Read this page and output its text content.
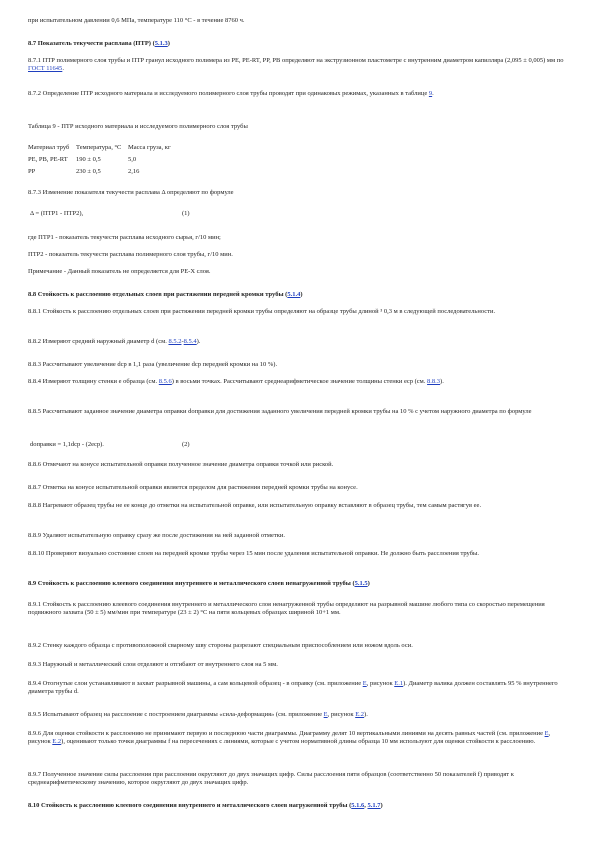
при испытательном давлении 0,6 МПа, температуре 110 °С - в течение 8760 ч.

8.7 Показатель текучести расплава (ПТР) (5.1.3)

8.7.1 ПТР полимерного слоя трубы и ПТР гранул исходного полимера из PE, PE-RT, PP, PB определяют на экструзионном пластометре с внутренним диаметром капилляра (2,095 ± 0,005) мм по ГОСТ 11645.

8.7.2 Определение ПТР исходного материала и исследуемого полимерного слоя трубы проводят при одинаковых режимах, указанных в таблице 9.

Таблица 9 - ПТР исходного материала и исследуемого полимерного слоя трубы

Материал труб	Температура, °С	Масса груза, кг
PE, PB, PE-RT	190 ± 0,5	5,0
PP	230 ± 0,5	2,16

8.7.3 Изменение показателя текучести расплава Δ определяют по формуле

Δ = (ПТР1 - ПТР2),	(1)

где ПТР1 - показатель текучести расплава исходного сырья, г/10 мин;

ПТР2 - показатель текучести расплава полимерного слоя трубы, г/10 мин.

Примечание - Данный показатель не определяется для PE-X слоя.

8.8 Стойкость к расслоению отдельных слоев при растяжении передней кромки трубы (5.1.4)

8.8.1 Стойкость к расслоению отдельных слоев при растяжении передней кромки трубы определяют на образце трубы длиной ³ 0,3 м в следующей последовательности.

8.8.2 Измеряют средний наружный диаметр d (см. 8.5.2-8.5.4).

8.8.3 Рассчитывают увеличение dср в 1,1 раза (увеличение dср передней кромки на 10 %).

8.8.4 Измеряют толщину стенки e образца (см. 8.5.6) в восьми точках. Рассчитывают среднеарифметическое значение толщины стенки eср (см. 8.8.3).

8.8.5 Рассчитывают заданное значение диаметра оправки dоправки для достижения заданного увеличения передней кромки трубы на 10 % с учетом наружного диаметра по формуле

dоправки = 1,1dср - (2eср).	(2)

8.8.6 Отмечают на конусе испытательной оправки полученное значение диаметра оправки точкой или риской.

8.8.7 Отметка на конусе испытательной оправки является пределом для растяжения передней кромки трубы на конусе.

8.8.8 Нагревают образец трубы не ее конце до отметки на испытательной оправке, или испытательную оправку вставляют в образец трубы, тем самым растягув ее.

8.8.9 Удаляют испытательную оправку сразу же после достижения на ней заданной отметки.

8.8.10 Проверяют визуально состояние слоев на передней кромке трубы через 15 мин после удаления испытательной оправки. Не должно быть расслоения трубы.

8.9 Стойкость к расслоению клеевого соединения внутреннего и металлического слоев ненагруженной трубы (5.1.5)

8.9.1 Стойкость к расслоению клеевого соединения внутреннего и металлического слоя ненагруженной трубы определяют на разрывной машине любого типа со скоростью перемещения подвижного захвата (50 ± 5) мм/мин при температуре (23 ± 2) °С на пяти кольцевых образцах шириной 10+1 мм.

8.9.2 Стенку каждого образца с противоположной сварному шву стороны разрезают специальным приспособлением или ножом вдоль оси.

8.9.3 Наружный и металлический слои отделяют и отгибают от внутреннего слоя на 5 мм.

8.9.4 Отогнутые слои устанавливают в захват разрывной машины, а сам кольцевой образец - в оправку (см. приложение Е, рисунок Е.1). Диаметр валика должен составлять 95 % внутреннего диаметра трубы d.

8.9.5 Испытывают образец на расслоение с построением диаграммы «сила-деформация» (см. приложение Е, рисунок Е.2).

8.9.6 Для оценки стойкости к расслоению не принимают первую и последнюю части диаграммы. Диаграмму делят 10 вертикальными линиями на десять равных частей (см. приложение Е, рисунок Е.2), оценивают только точки диаграммы f на пересечениях с линиями, которые с учетом нормативной длины образца 10 мм используют для оценки стойкости к расслоению.

8.9.7 Полученное значение силы расслоения при расслоении округляют до двух значащих цифр. Силы расслоения пяти образцов (соответственно 50 показателей f) приводят к среднеарифметическому значению, которое округляют до двух значащих цифр.

8.10 Стойкость к расслоению клеевого соединения внутреннего и металлического слоев нагруженной трубы (5.1.6, 5.1.7)
